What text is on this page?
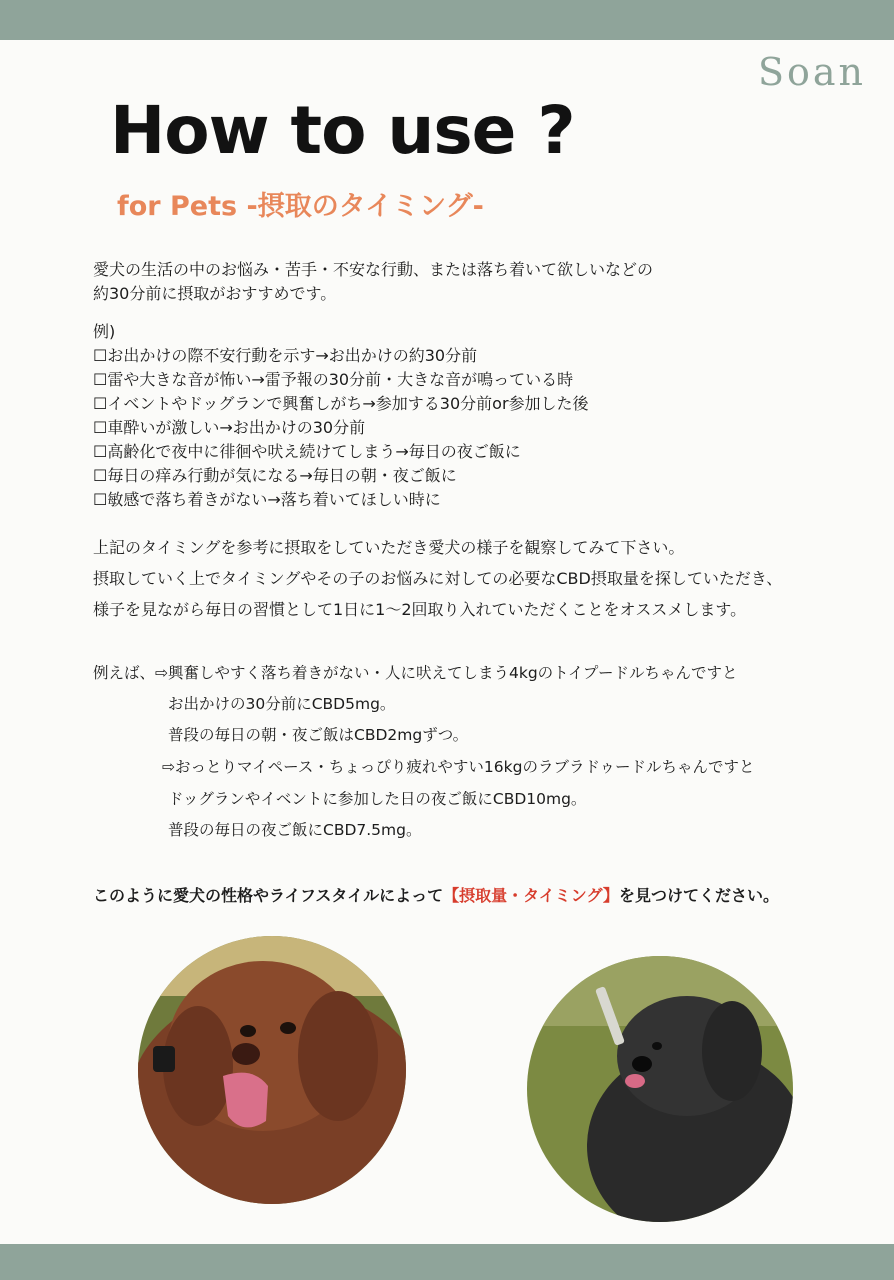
Soan
How to use ?
for Pets -摂取のタイミング-
愛犬の生活の中のお悩み・苦手・不安な行動、または落ち着いて欲しいなどの
約30分前に摂取がおすすめです。
例)
☐お出かけの際不安行動を示す→お出かけの約30分前
☐雷や大きな音が怖い→雷予報の30分前・大きな音が鳴っている時
☐イベントやドッグランで興奮しがち→参加する30分前or参加した後
☐車酔いが激しい→お出かけの30分前
☐高齢化で夜中に徘徊や吠え続けてしまう→毎日の夜ご飯に
☐毎日の痒み行動が気になる→毎日の朝・夜ご飯に
☐敏感で落ち着きがない→落ち着いてほしい時に
上記のタイミングを参考に摂取をしていただき愛犬の様子を観察してみて下さい。
摂取していく上でタイミングやその子のお悩みに対しての必要なCBD摂取量を探していただき、
様子を見ながら毎日の習慣として1日に1〜2回取り入れていただくことをオススメします。
例えば、⇨興奮しやすく落ち着きがない・人に吠えてしまう4kgのトイプードルちゃんですと
お出かけの30分前にCBD5mg。
普段の毎日の朝・夜ご飯はCBD2mgずつ。
⇨おっとりマイペース・ちょっぴり疲れやすい16kgのラブラドゥードルちゃんですと
ドッグランやイベントに参加した日の夜ご飯にCBD10mg。
普段の毎日の夜ご飯にCBD7.5mg。
このように愛犬の性格やライフスタイルによって【摂取量・タイミング】を見つけてください。
